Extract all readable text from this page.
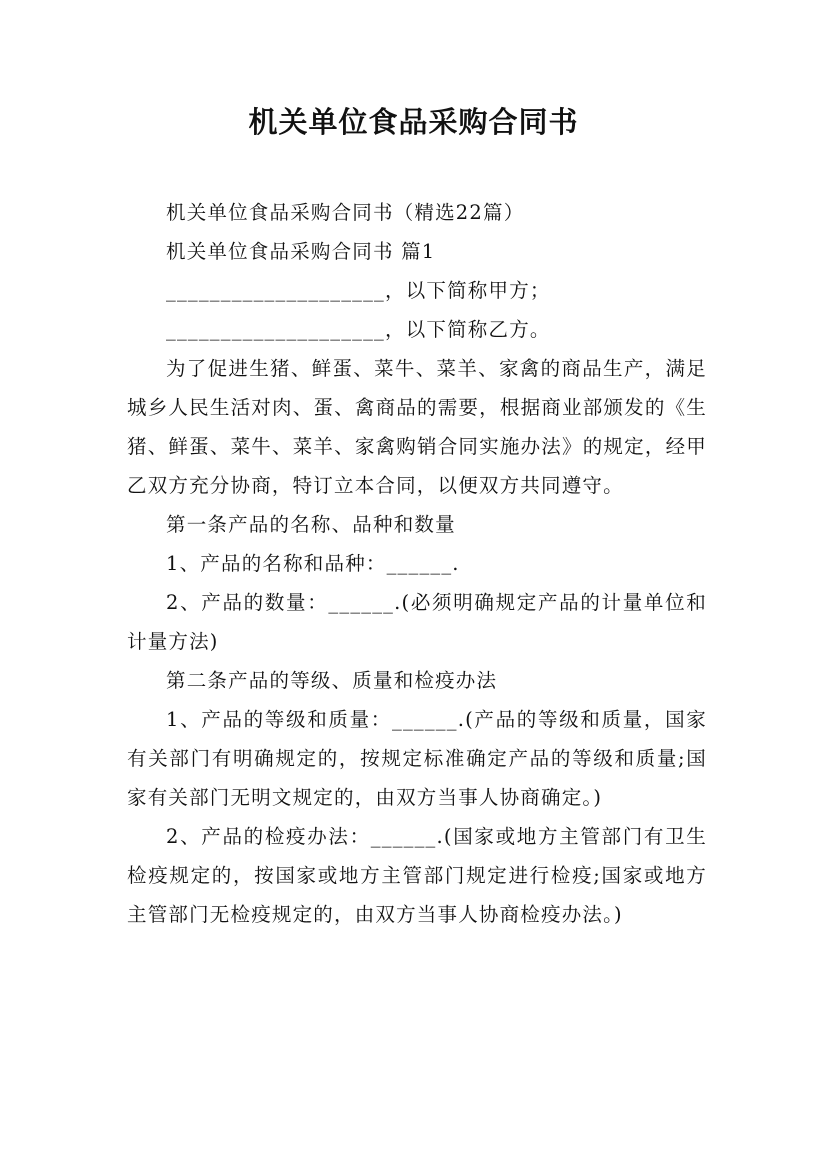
机关单位食品采购合同书

机关单位食品采购合同书（精选22篇）

机关单位食品采购合同书 篇1

____________________，以下简称甲方；

____________________，以下简称乙方。

为了促进生猪、鲜蛋、菜牛、菜羊、家禽的商品生产，满足城乡人民生活对肉、蛋、禽商品的需要，根据商业部颁发的《生猪、鲜蛋、菜牛、菜羊、家禽购销合同实施办法》的规定，经甲乙双方充分协商，特订立本合同，以便双方共同遵守。

第一条产品的名称、品种和数量

1、产品的名称和品种：______.

2、产品的数量：______.(必须明确规定产品的计量单位和计量方法)

第二条产品的等级、质量和检疫办法

1、产品的等级和质量：______.(产品的等级和质量，国家有关部门有明确规定的，按规定标准确定产品的等级和质量;国家有关部门无明文规定的，由双方当事人协商确定。)

2、产品的检疫办法：______.(国家或地方主管部门有卫生检疫规定的，按国家或地方主管部门规定进行检疫;国家或地方主管部门无检疫规定的，由双方当事人协商检疫办法。)
